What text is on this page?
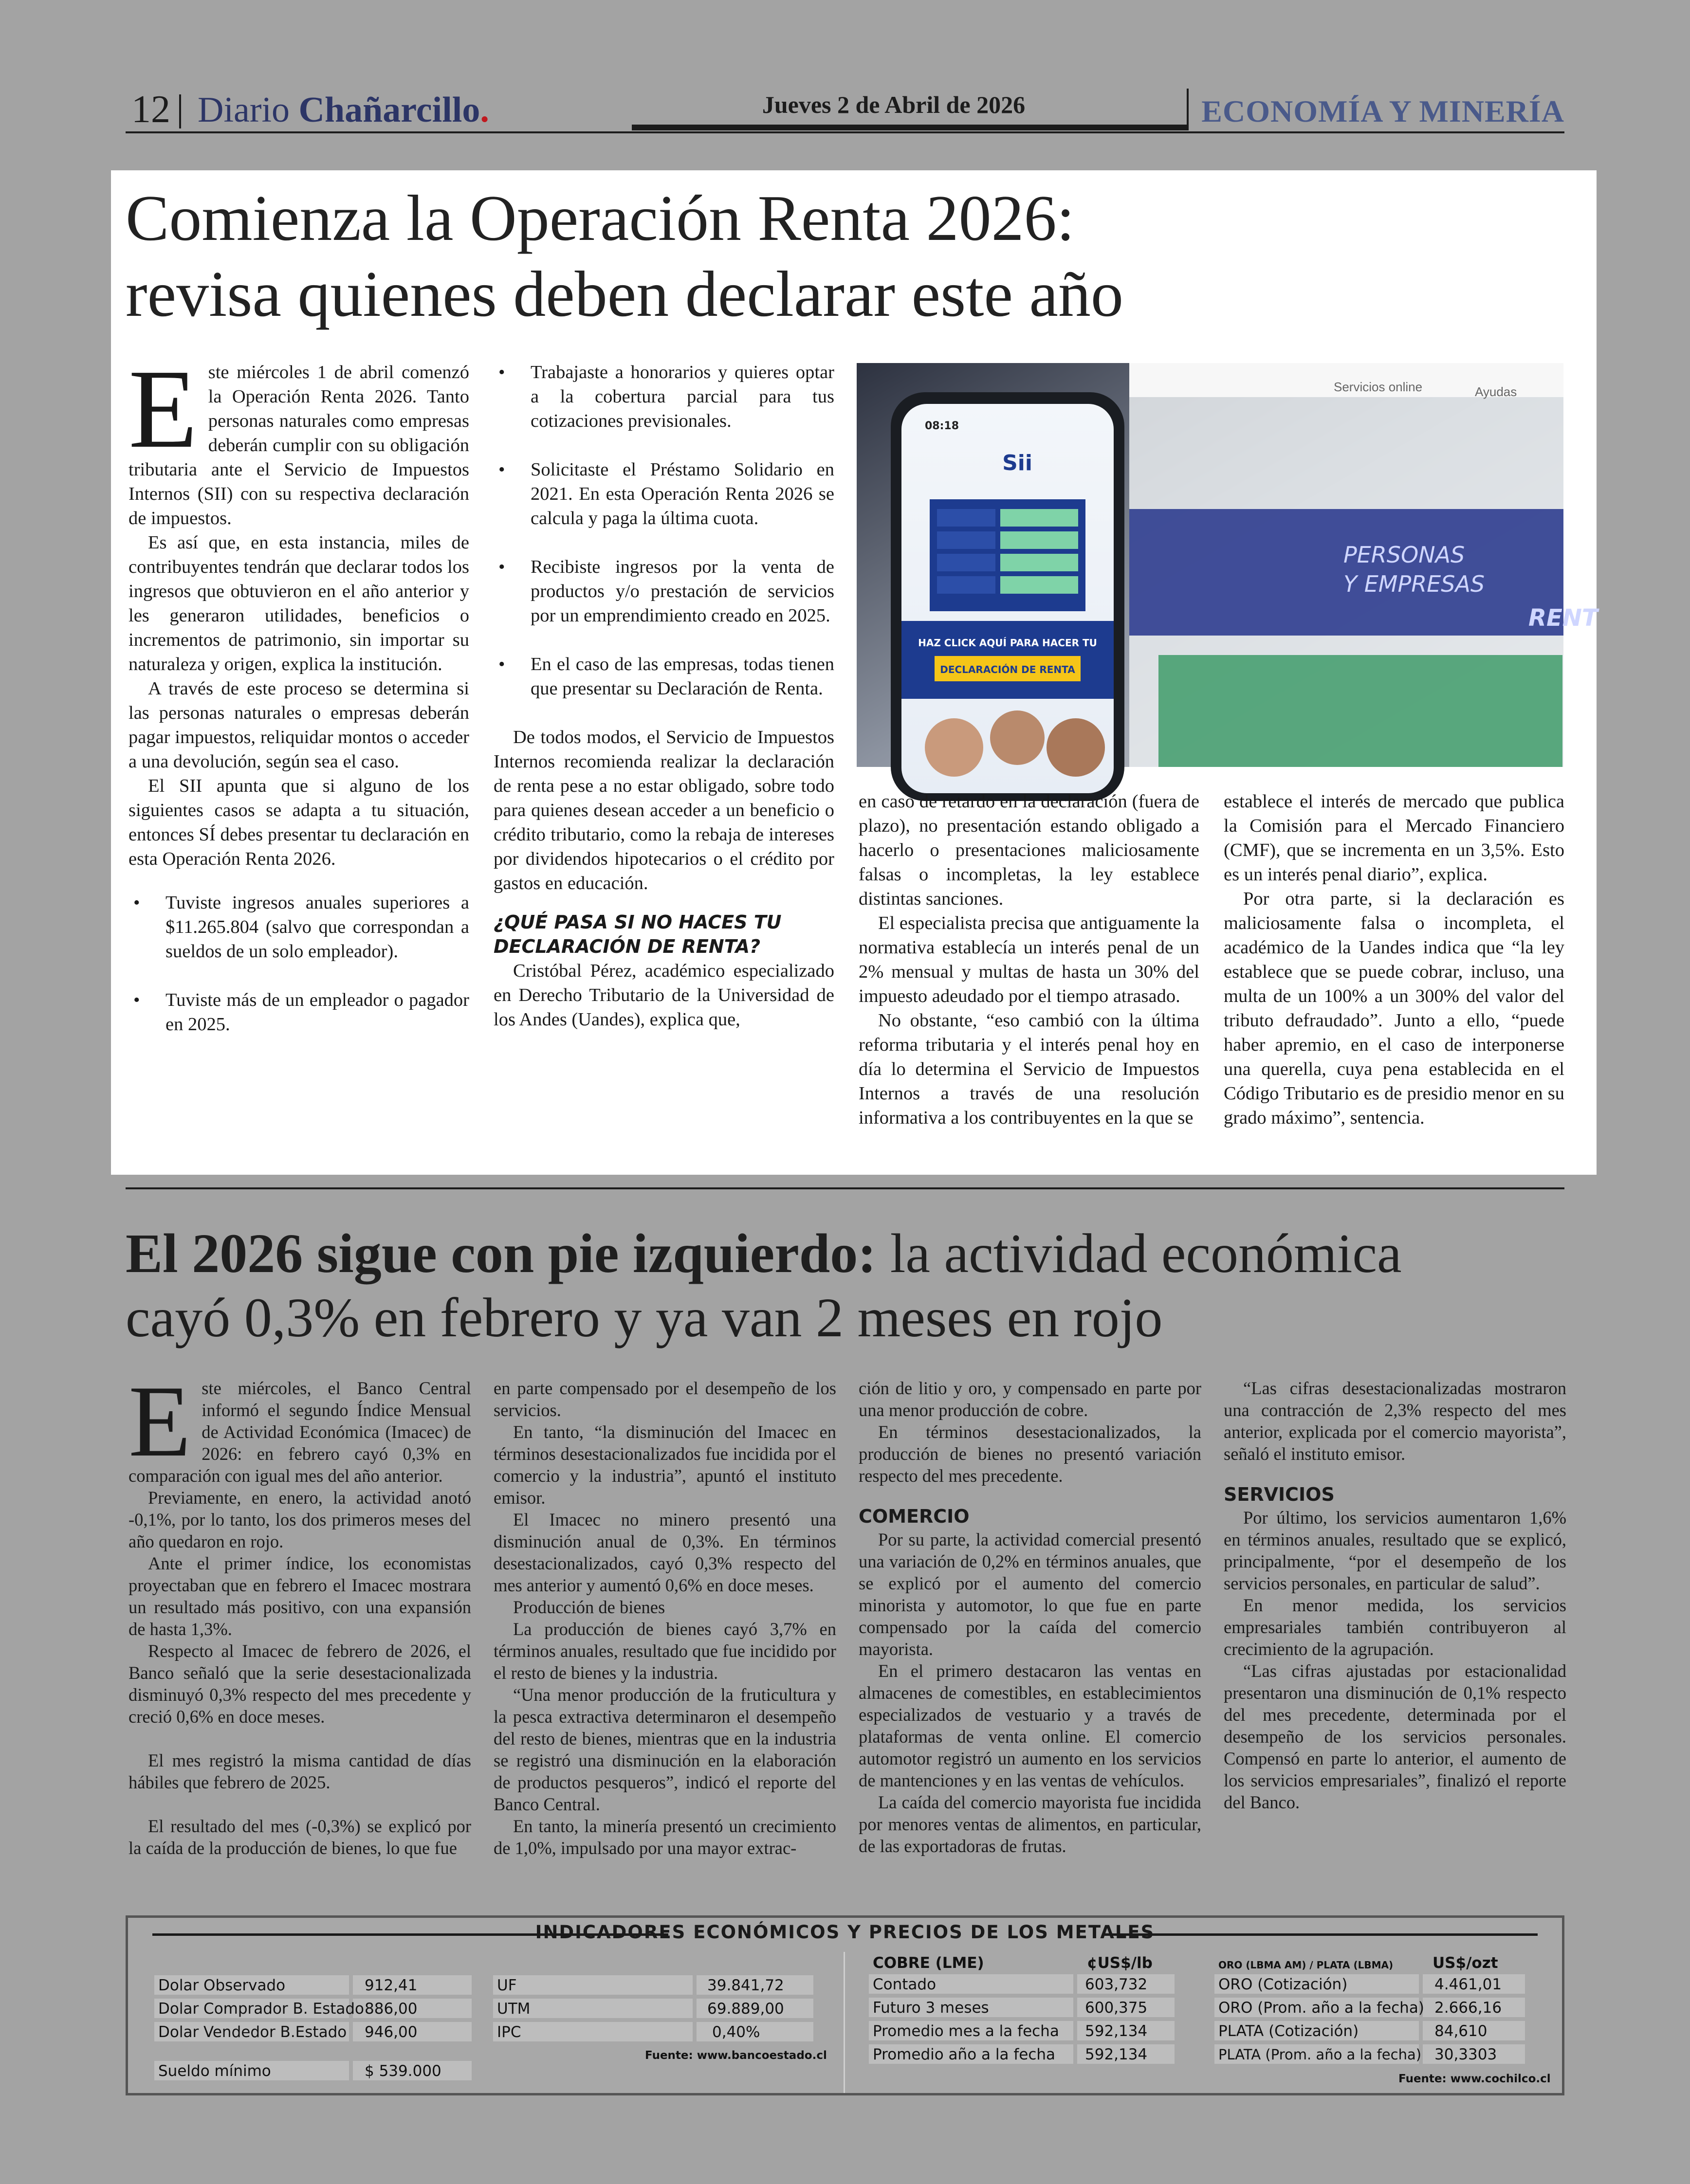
12 Diario Chañarcillo.	Jueves 2 de Abril de 2026	ECONOMÍA Y MINERÍA
Comienza la Operación Renta 2026:
revisa quienes deben declarar este año

Este miércoles 1 de abril comenzó la Operación Renta 2026. Tanto personas naturales como empresas deberán cumplir con su obligación tributaria ante el Servicio de Impuestos Internos (SII) con su respectiva declaración de impuestos.

Es así que, en esta instancia, miles de contribuyentes tendrán que declarar todos los ingresos que obtuvieron en el año anterior y les generaron utilidades, beneficios o incrementos de patrimonio, sin importar su naturaleza y origen, explica la institución.

A través de este proceso se determina si las personas naturales o empresas deberán pagar impuestos, reliquidar montos o acceder a una devolución, según sea el caso.

El SII apunta que si alguno de los siguientes casos se adapta a tu situación, entonces SÍ debes presentar tu declaración en esta Operación Renta 2026.

• Tuviste ingresos anuales superiores a $11.265.804 (salvo que correspondan a sueldos de un solo empleador).
• Tuviste más de un empleador o pagador en 2025.
• Trabajaste a honorarios y quieres optar a la cobertura parcial para tus cotizaciones previsionales.
• Solicitaste el Préstamo Solidario en 2021. En esta Operación Renta 2026 se calcula y paga la última cuota.
• Recibiste ingresos por la venta de productos y/o prestación de servicios por un emprendimiento creado en 2025.
• En el caso de las empresas, todas tienen que presentar su Declaración de Renta.

De todos modos, el Servicio de Impuestos Internos recomienda realizar la declaración de renta pese a no estar obligado, sobre todo para quienes desean acceder a un beneficio o crédito tributario, como la rebaja de intereses por dividendos hipotecarios o el crédito por gastos en educación.

¿QUÉ PASA SI NO HACES TU DECLARACIÓN DE RENTA?

Cristóbal Pérez, académico especializado en Derecho Tributario de la Universidad de los Andes (Uandes), explica que,

Servicios online	Ayudas
PERSONAS
Y EMPRESAS
RENT
08:18
Sii
HAZ CLICK AQUÍ PARA HACER TU
DECLARACIÓN DE RENTA

en caso de retardo en la declaración (fuera de plazo), no presentación estando obligado a hacerlo o presentaciones maliciosamente falsas o incompletas, la ley establece distintas sanciones.

El especialista precisa que antiguamente la normativa establecía un interés penal de un 2% mensual y multas de hasta un 30% del impuesto adeudado por el tiempo atrasado.

No obstante, “eso cambió con la última reforma tributaria y el interés penal hoy en día lo determina el Servicio de Impuestos Internos a través de una resolución informativa a los contribuyentes en la que se

establece el interés de mercado que publica la Comisión para el Mercado Financiero (CMF), que se incrementa en un 3,5%. Esto es un interés penal diario”, explica.

Por otra parte, si la declaración es maliciosamente falsa o incompleta, el académico de la Uandes indica que “la ley establece que se puede cobrar, incluso, una multa de un 100% a un 300% del valor del tributo defraudado”. Junto a ello, “puede haber apremio, en el caso de interponerse una querella, cuya pena establecida en el Código Tributario es de presidio menor en su grado máximo”, sentencia.

El 2026 sigue con pie izquierdo: la actividad económica
cayó 0,3% en febrero y ya van 2 meses en rojo

Este miércoles, el Banco Central informó el segundo Índice Mensual de Actividad Económica (Imacec) de 2026: en febrero cayó 0,3% en comparación con igual mes del año anterior.

Previamente, en enero, la actividad anotó -0,1%, por lo tanto, los dos primeros meses del año quedaron en rojo.

Ante el primer índice, los economistas proyectaban que en febrero el Imacec mostrara un resultado más positivo, con una expansión de hasta 1,3%.

Respecto al Imacec de febrero de 2026, el Banco señaló que la serie desestacionalizada disminuyó 0,3% respecto del mes precedente y creció 0,6% en doce meses.

El mes registró la misma cantidad de días hábiles que febrero de 2025.

El resultado del mes (-0,3%) se explicó por la caída de la producción de bienes, lo que fue

en parte compensado por el desempeño de los servicios.

En tanto, “la disminución del Imacec en términos desestacionalizados fue incidida por el comercio y la industria”, apuntó el instituto emisor.

El Imacec no minero presentó una disminución anual de 0,3%. En términos desestacionalizados, cayó 0,3% respecto del mes anterior y aumentó 0,6% en doce meses.

Producción de bienes

La producción de bienes cayó 3,7% en términos anuales, resultado que fue incidido por el resto de bienes y la industria.

“Una menor producción de la fruticultura y la pesca extractiva determinaron el desempeño del resto de bienes, mientras que en la industria se registró una disminución en la elaboración de productos pesqueros”, indicó el reporte del Banco Central.

En tanto, la minería presentó un crecimiento de 1,0%, impulsado por una mayor extrac-

ción de litio y oro, y compensado en parte por una menor producción de cobre.

En términos desestacionalizados, la producción de bienes no presentó variación respecto del mes precedente.

COMERCIO

Por su parte, la actividad comercial presentó una variación de 0,2% en términos anuales, que se explicó por el aumento del comercio minorista y automotor, lo que fue en parte compensado por la caída del comercio mayorista.

En el primero destacaron las ventas en almacenes de comestibles, en establecimientos especializados de vestuario y a través de plataformas de venta online. El comercio automotor registró un aumento en los servicios de mantenciones y en las ventas de vehículos.

La caída del comercio mayorista fue incidida por menores ventas de alimentos, en particular, de las exportadoras de frutas.

“Las cifras desestacionalizadas mostraron una contracción de 2,3% respecto del mes anterior, explicada por el comercio mayorista”, señaló el instituto emisor.

SERVICIOS

Por último, los servicios aumentaron 1,6% en términos anuales, resultado que se explicó, principalmente, “por el desempeño de los servicios personales, en particular de salud”.

En menor medida, los servicios empresariales también contribuyeron al crecimiento de la agrupación.

“Las cifras ajustadas por estacionalidad presentaron una disminución de 0,1% respecto del mes precedente, determinada por el desempeño de los servicios personales. Compensó en parte lo anterior, el aumento de los servicios empresariales”, finalizó el reporte del Banco.

INDICADORES ECONÓMICOS Y PRECIOS DE LOS METALES
Dolar Observado	912,41
Dolar Comprador B. Estado 886,00
Dolar Vendedor B.Estado 946,00
Sueldo mínimo	$ 539.000
UF	39.841,72
UTM	69.889,00
IPC	0,40%
Fuente: www.bancoestado.cl
COBRE (LME)	¢US$/lb
Contado	603,732
Futuro 3 meses	600,375
Promedio mes a la fecha 592,134
Promedio año a la fecha 592,134
ORO (LBMA AM) / PLATA (LBMA)	US$/ozt
ORO (Cotización)	4.461,01
ORO (Prom. año a la fecha) 2.666,16
PLATA (Cotización)	84,610
PLATA (Prom. año a la fecha) 30,3303
Fuente: www.cochilco.cl
